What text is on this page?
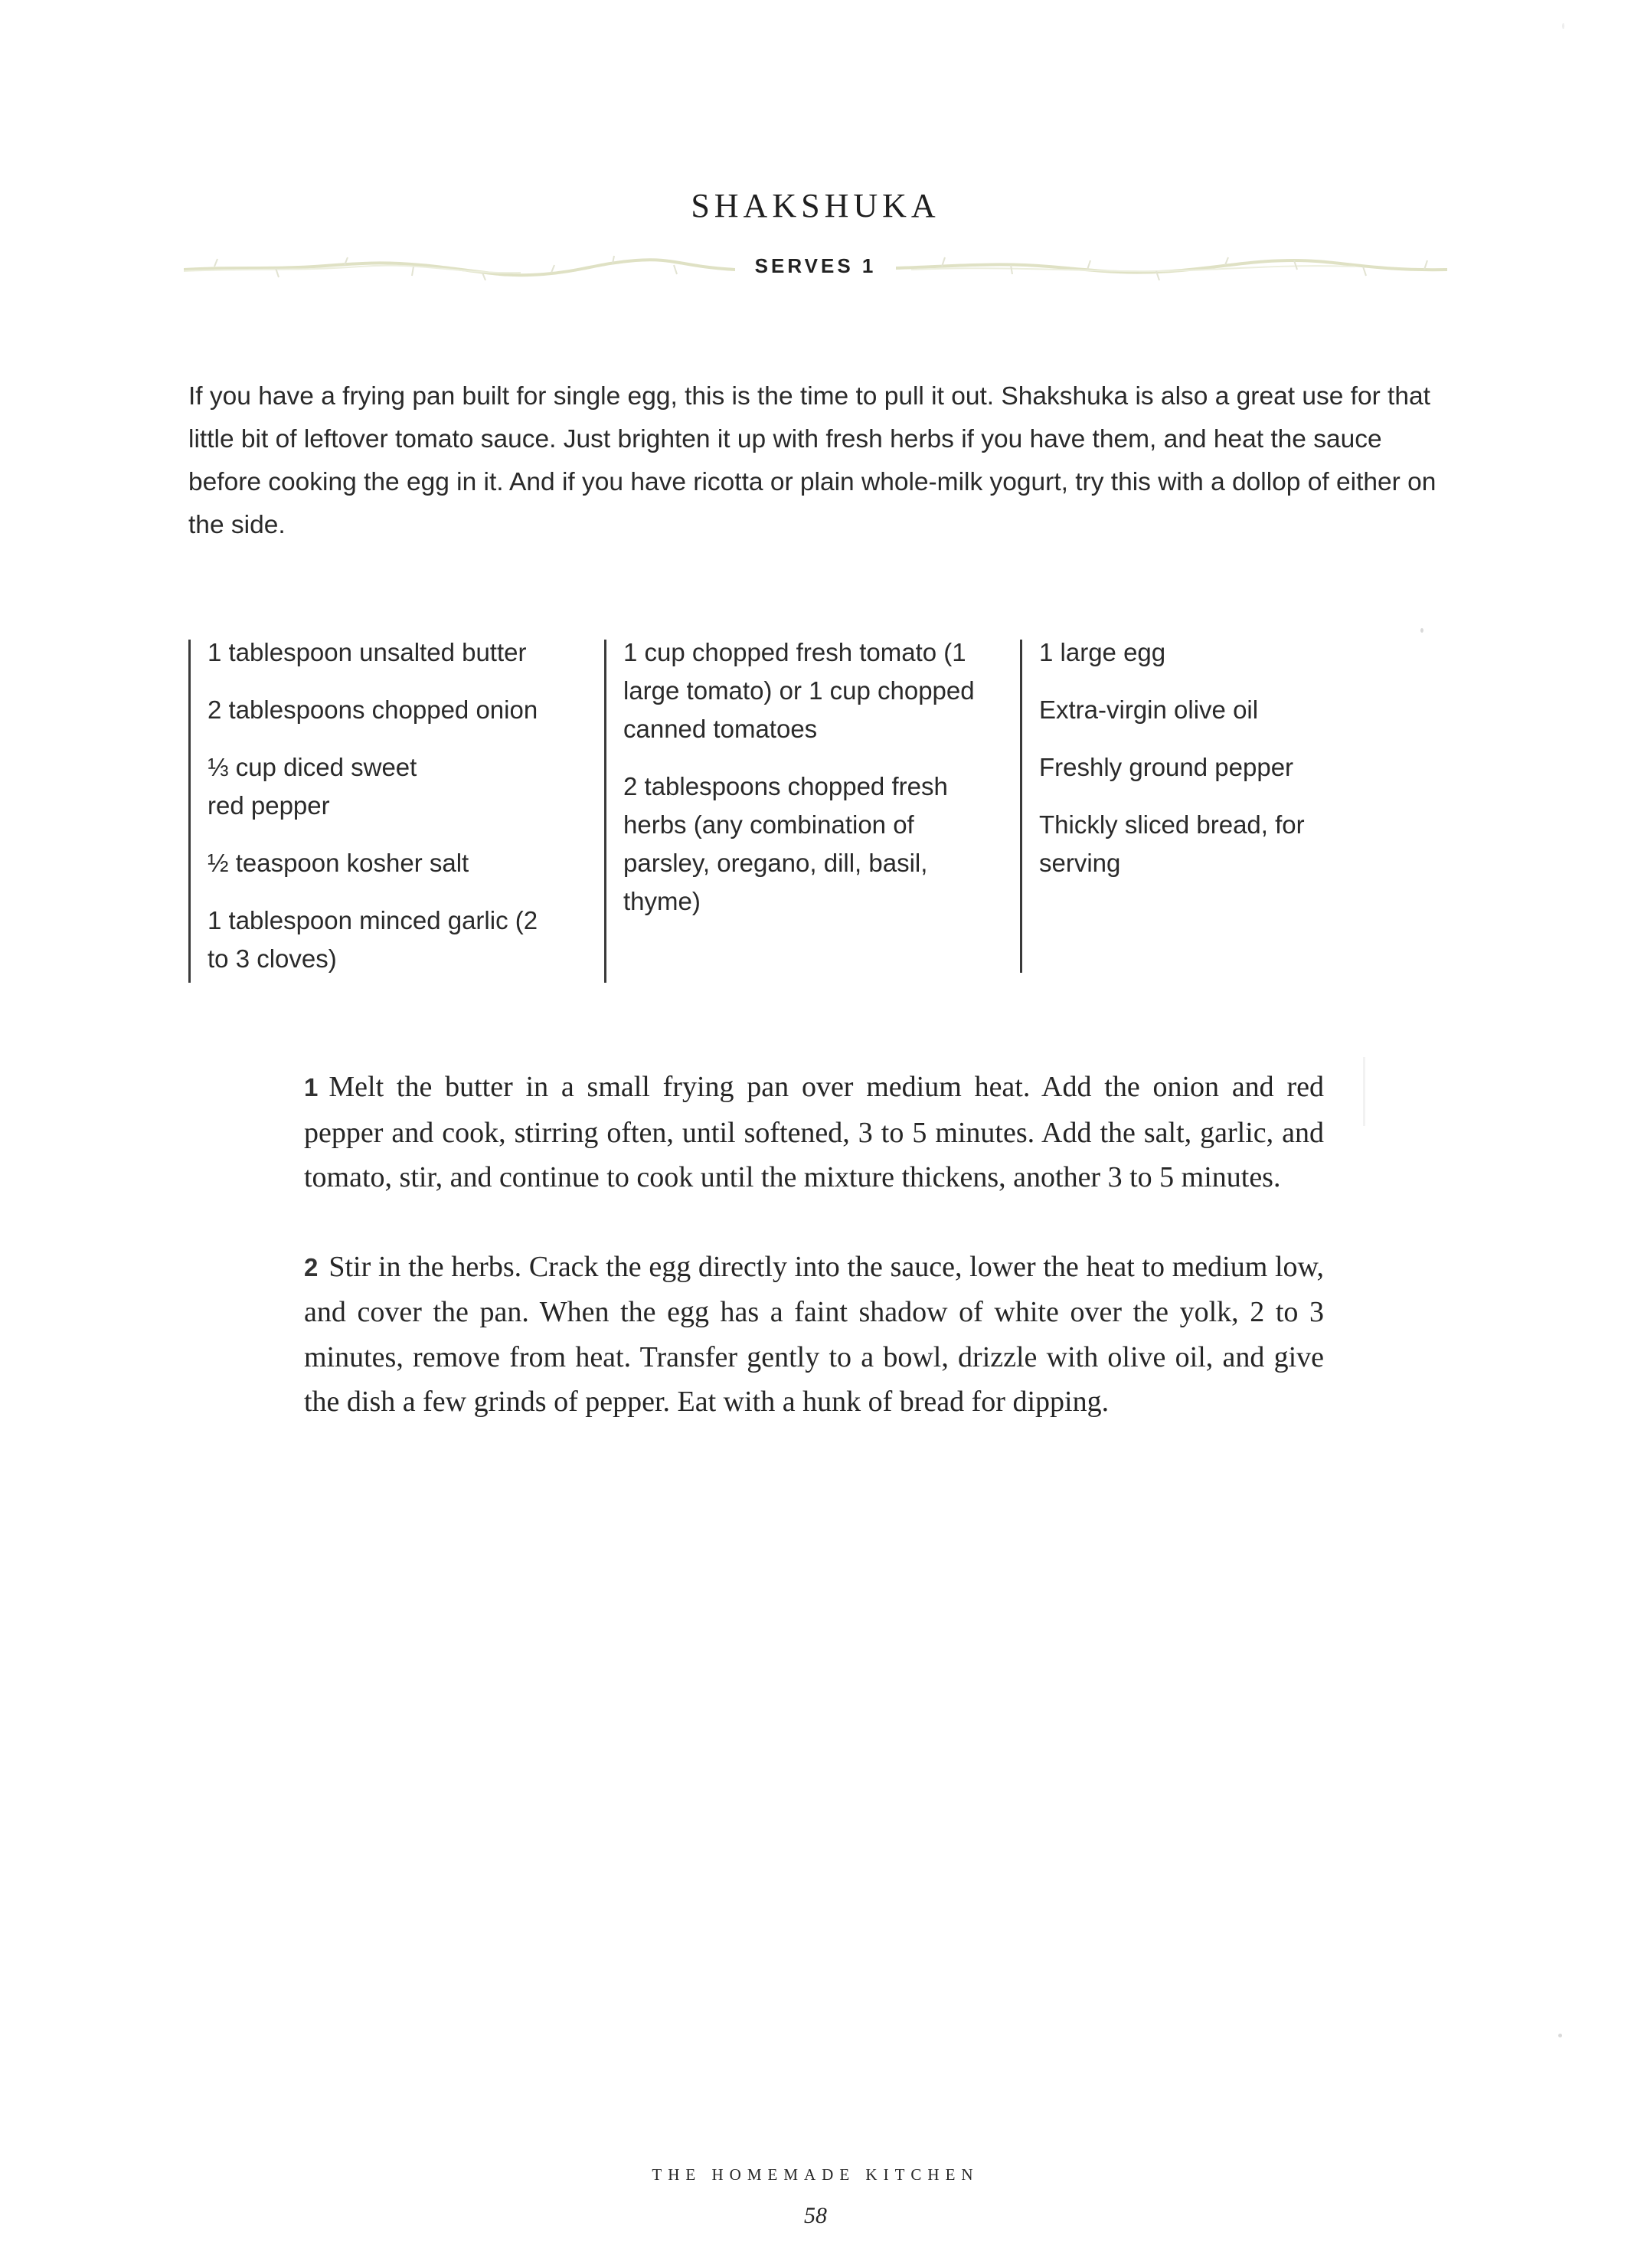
SHAKSHUKA
SERVES 1

If you have a frying pan built for single egg, this is the time to pull it out. Shakshuka is also a great use for that little bit of leftover tomato sauce. Just brighten it up with fresh herbs if you have them, and heat the sauce before cooking the egg in it. And if you have ricotta or plain whole-milk yogurt, try this with a dollop of either on the side.

1 tablespoon unsalted butter
2 tablespoons chopped onion
⅓ cup diced sweet red pepper
½ teaspoon kosher salt
1 tablespoon minced garlic (2 to 3 cloves)
1 cup chopped fresh tomato (1 large tomato) or 1 cup chopped canned tomatoes
2 tablespoons chopped fresh herbs (any combination of parsley, oregano, dill, basil, thyme)
1 large egg
Extra-virgin olive oil
Freshly ground pepper
Thickly sliced bread, for serving

1 Melt the butter in a small frying pan over medium heat. Add the onion and red pepper and cook, stirring often, until softened, 3 to 5 minutes. Add the salt, garlic, and tomato, stir, and continue to cook until the mixture thickens, another 3 to 5 minutes.

2 Stir in the herbs. Crack the egg directly into the sauce, lower the heat to medium low, and cover the pan. When the egg has a faint shadow of white over the yolk, 2 to 3 minutes, remove from heat. Transfer gently to a bowl, drizzle with olive oil, and give the dish a few grinds of pepper. Eat with a hunk of bread for dipping.

THE HOMEMADE KITCHEN
58
